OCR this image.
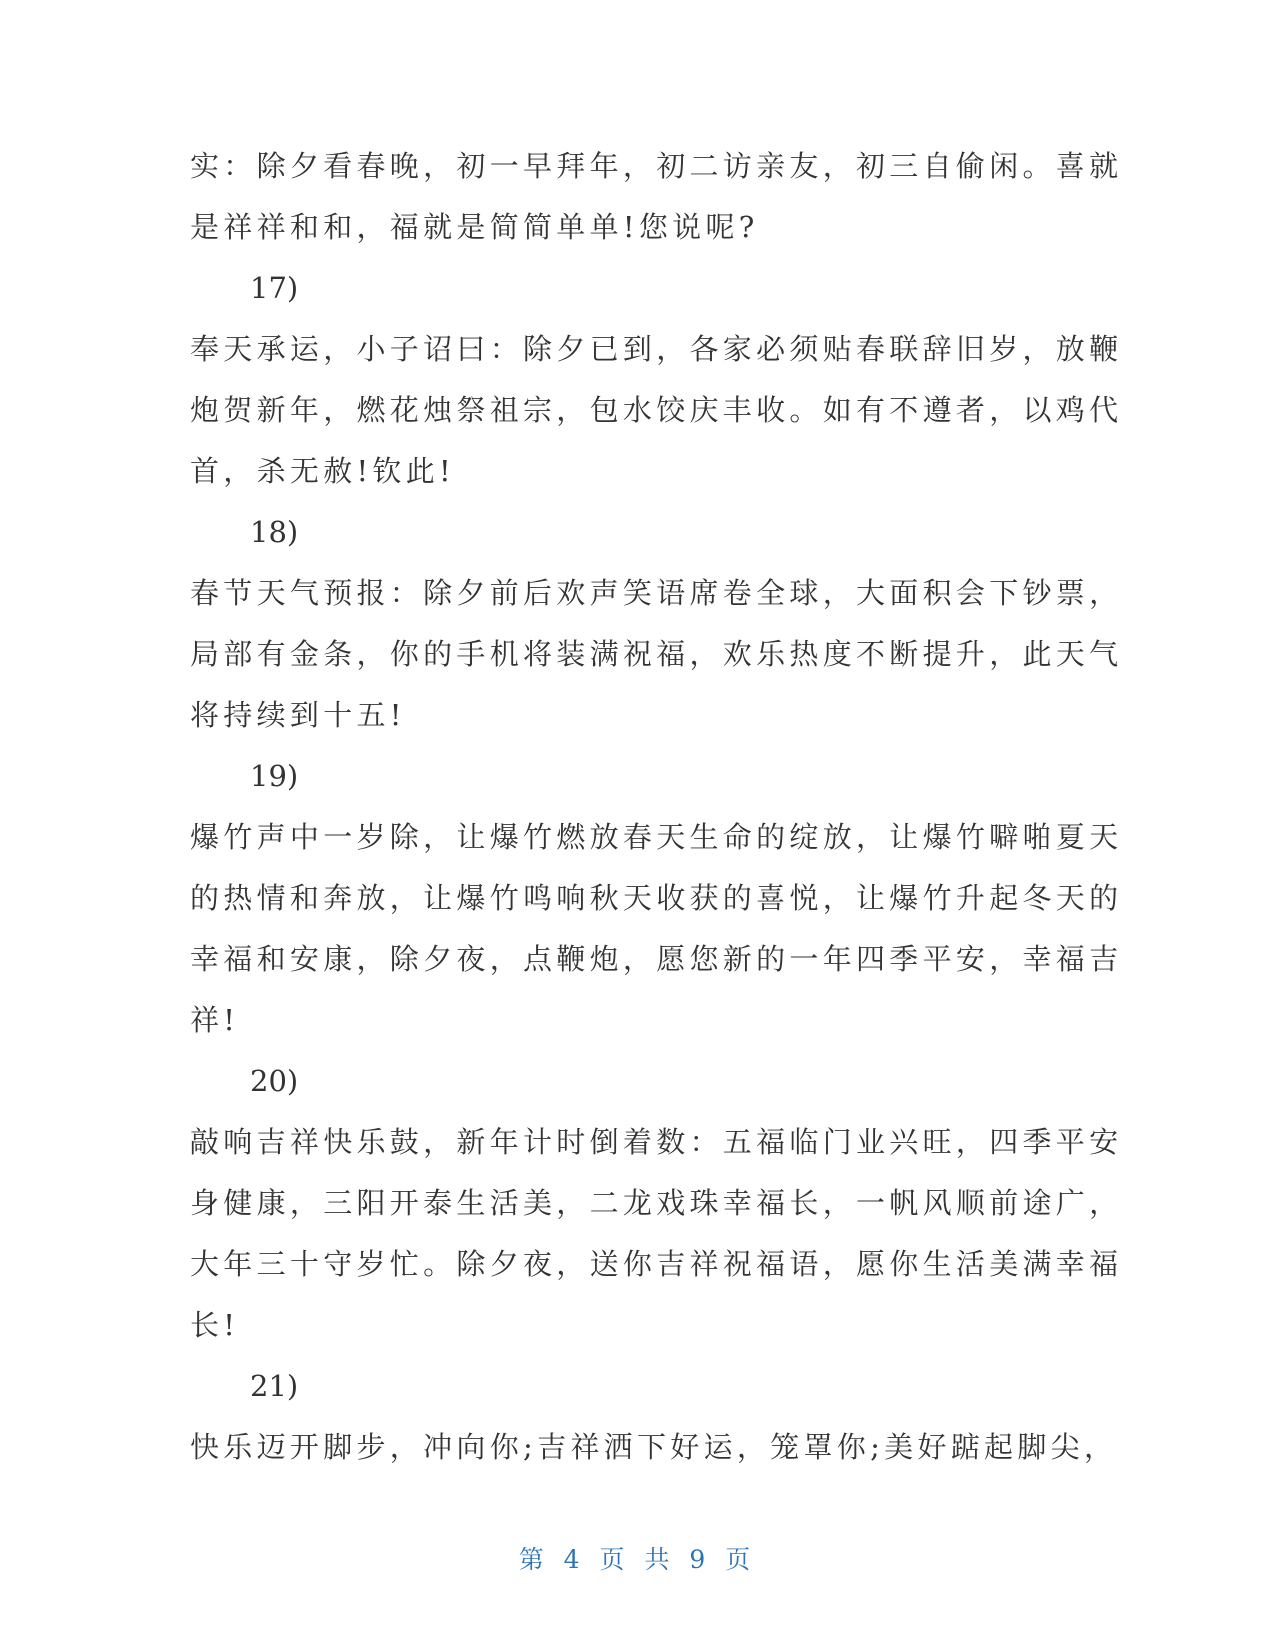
实：除夕看春晚，初一早拜年，初二访亲友，初三自偷闲。喜就
是祥祥和和，福就是简简单单!您说呢?
17)
奉天承运，小子诏曰：除夕已到，各家必须贴春联辞旧岁，放鞭
炮贺新年，燃花烛祭祖宗，包水饺庆丰收。如有不遵者，以鸡代
首，杀无赦!钦此!
18)
春节天气预报：除夕前后欢声笑语席卷全球，大面积会下钞票，
局部有金条，你的手机将装满祝福，欢乐热度不断提升，此天气
将持续到十五!
19)
爆竹声中一岁除，让爆竹燃放春天生命的绽放，让爆竹噼啪夏天
的热情和奔放，让爆竹鸣响秋天收获的喜悦，让爆竹升起冬天的
幸福和安康，除夕夜，点鞭炮，愿您新的一年四季平安，幸福吉
祥!
20)
敲响吉祥快乐鼓，新年计时倒着数：五福临门业兴旺，四季平安
身健康，三阳开泰生活美，二龙戏珠幸福长，一帆风顺前途广，
大年三十守岁忙。除夕夜，送你吉祥祝福语，愿你生活美满幸福
长!
21)
快乐迈开脚步，冲向你;吉祥洒下好运，笼罩你;美好踮起脚尖，
第 4 页 共 9 页
